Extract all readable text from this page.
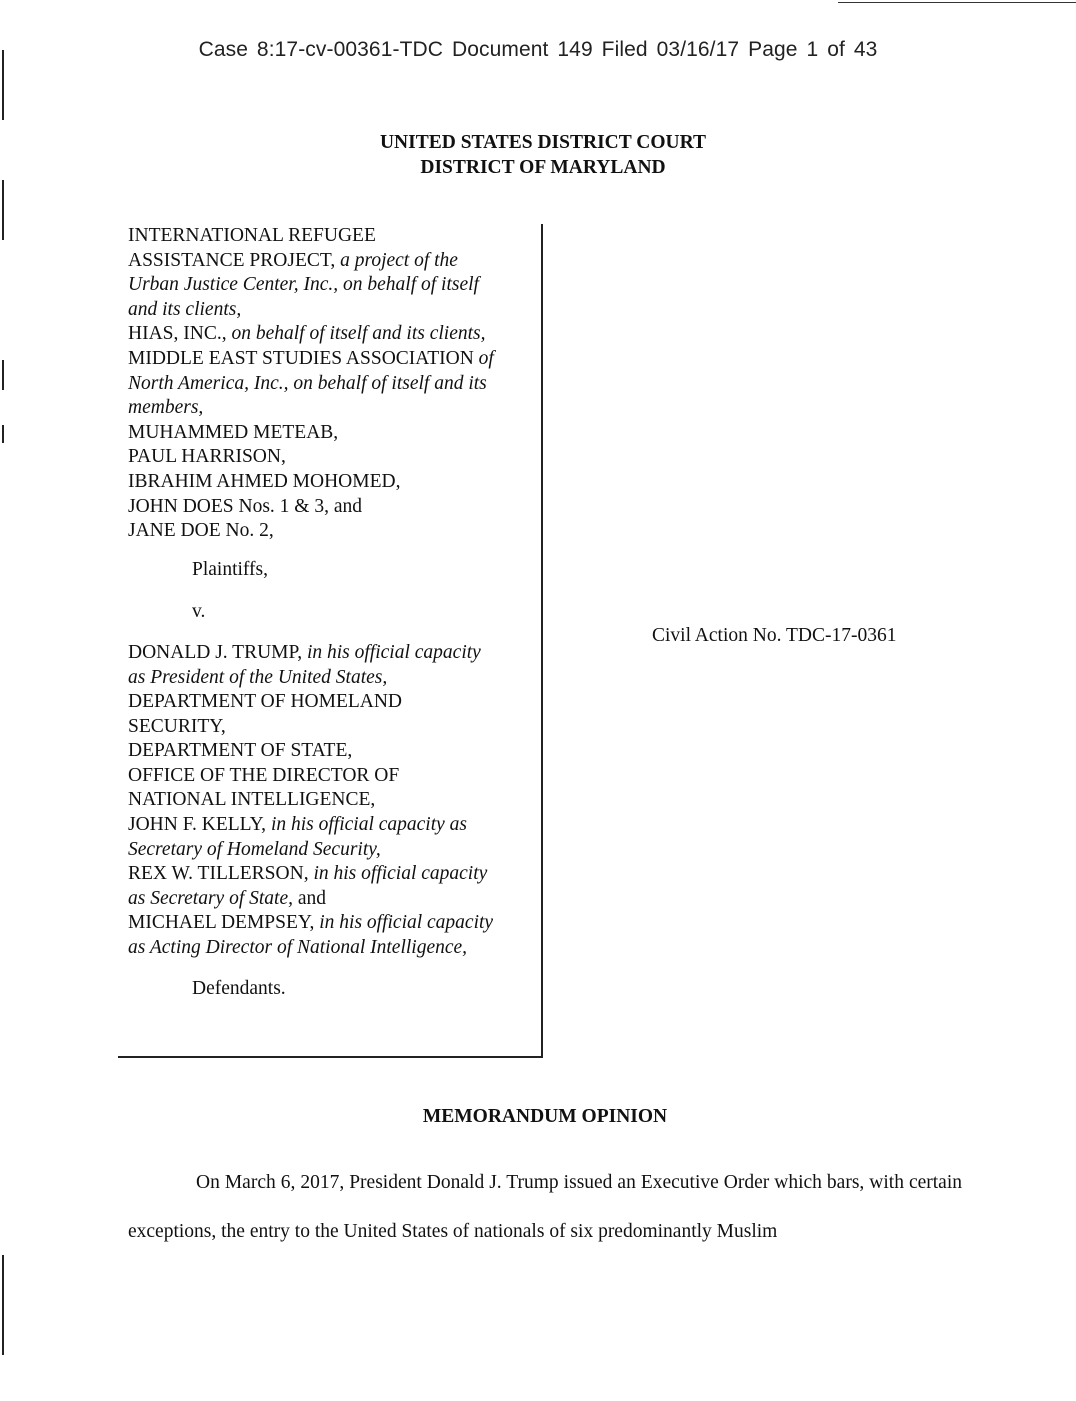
Case 8:17-cv-00361-TDC Document 149 Filed 03/16/17 Page 1 of 43
UNITED STATES DISTRICT COURT
DISTRICT OF MARYLAND
INTERNATIONAL REFUGEE
ASSISTANCE PROJECT, a project of the
Urban Justice Center, Inc., on behalf of itself
and its clients,
HIAS, INC., on behalf of itself and its clients,
MIDDLE EAST STUDIES ASSOCIATION of
North America, Inc., on behalf of itself and its
members,
MUHAMMED METEAB,
PAUL HARRISON,
IBRAHIM AHMED MOHOMED,
JOHN DOES Nos. 1 & 3, and
JANE DOE No. 2,
Plaintiffs,
v.
DONALD J. TRUMP, in his official capacity
as President of the United States,
DEPARTMENT OF HOMELAND
SECURITY,
DEPARTMENT OF STATE,
OFFICE OF THE DIRECTOR OF
NATIONAL INTELLIGENCE,
JOHN F. KELLY, in his official capacity as
Secretary of Homeland Security,
REX W. TILLERSON, in his official capacity
as Secretary of State, and
MICHAEL DEMPSEY, in his official capacity
as Acting Director of National Intelligence,
Defendants.
Civil Action No. TDC-17-0361
MEMORANDUM OPINION
On March 6, 2017, President Donald J. Trump issued an Executive Order which bars, with certain exceptions, the entry to the United States of nationals of six predominantly Muslim
